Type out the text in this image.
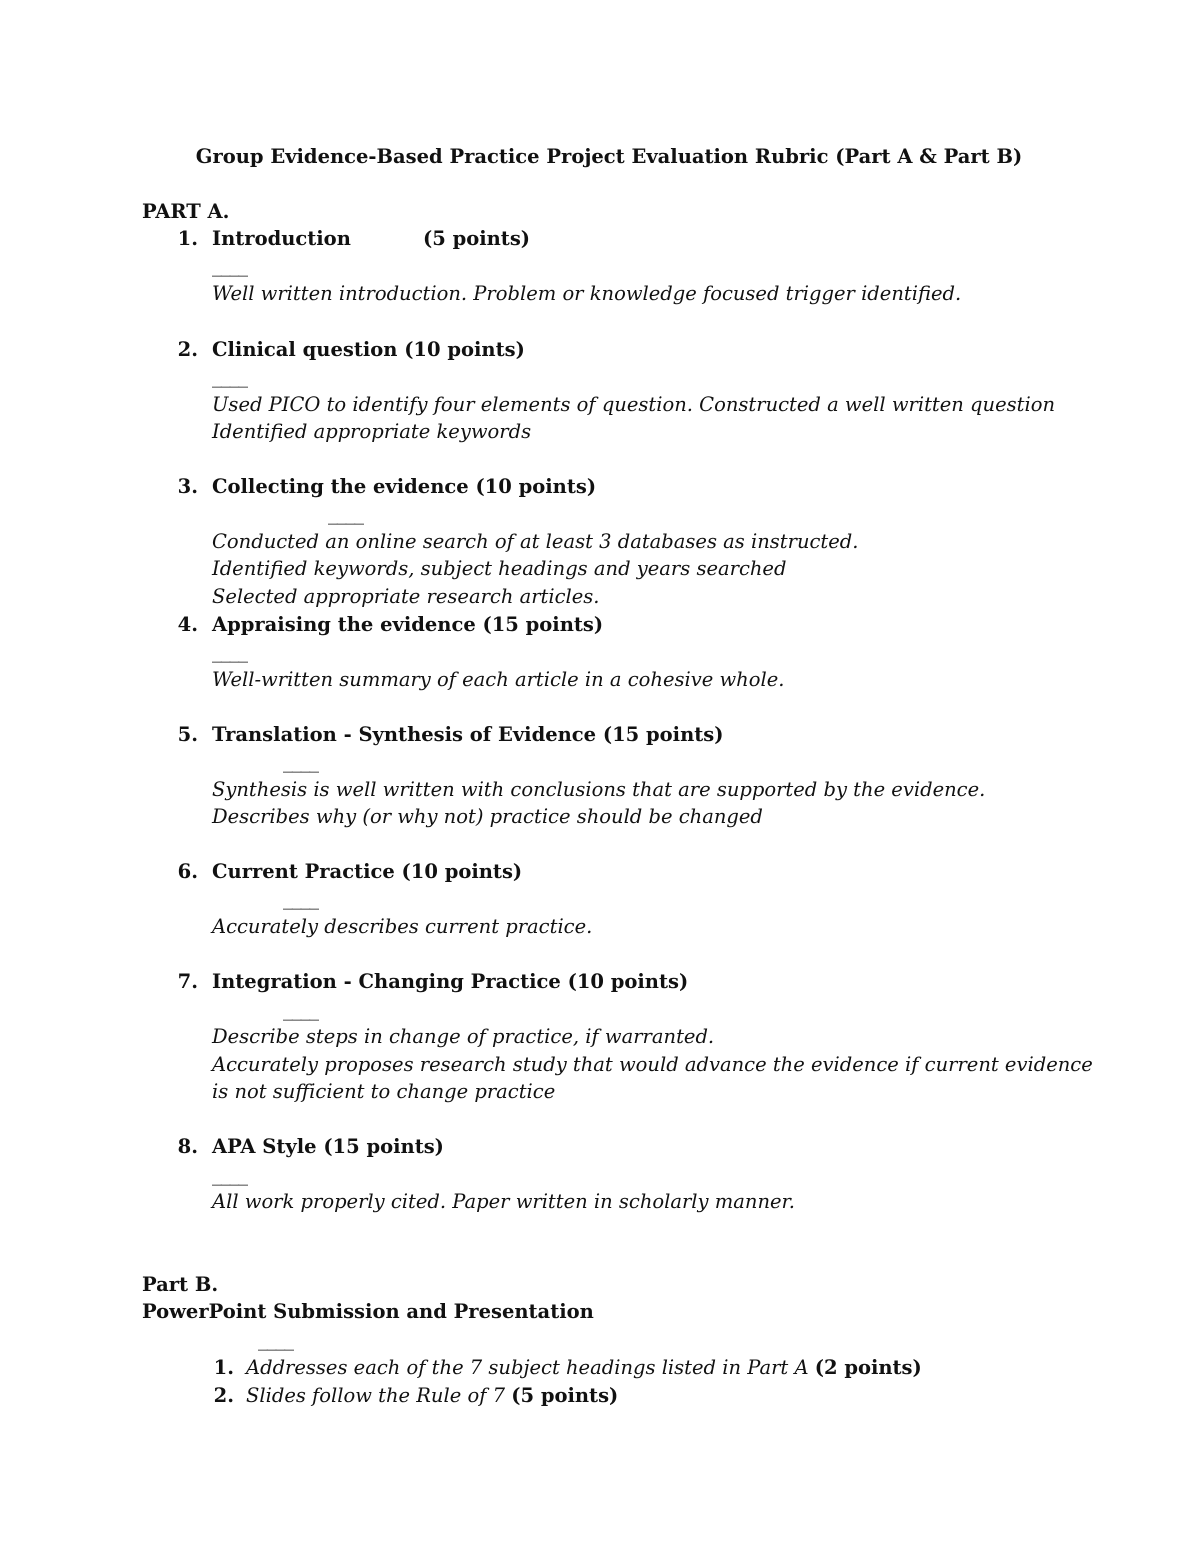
Group Evidence-Based Practice Project Evaluation Rubric (Part A & Part B)
PART A.
1. Introduction	(5 points)
____
Well written introduction. Problem or knowledge focused trigger identified.
2. Clinical question (10 points)
____
Used PICO to identify four elements of question. Constructed a well written question
Identified appropriate keywords
3. Collecting the evidence (10 points)
____
Conducted an online search of at least 3 databases as instructed.
Identified keywords, subject headings and years searched
Selected appropriate research articles.
4. Appraising the evidence (15 points)
____
Well-written summary of each article in a cohesive whole.
5. Translation - Synthesis of Evidence (15 points)
____
Synthesis is well written with conclusions that are supported by the evidence.
Describes why (or why not) practice should be changed
6. Current Practice (10 points)
____
Accurately describes current practice.
7. Integration - Changing Practice (10 points)
____
Describe steps in change of practice, if warranted.
Accurately proposes research study that would advance the evidence if current evidence
is not sufficient to change practice
8. APA Style (15 points)
____
All work properly cited. Paper written in scholarly manner.
Part B.
PowerPoint Submission and Presentation
____
1. Addresses each of the 7 subject headings listed in Part A (2 points)
2. Slides follow the Rule of 7 (5 points)
